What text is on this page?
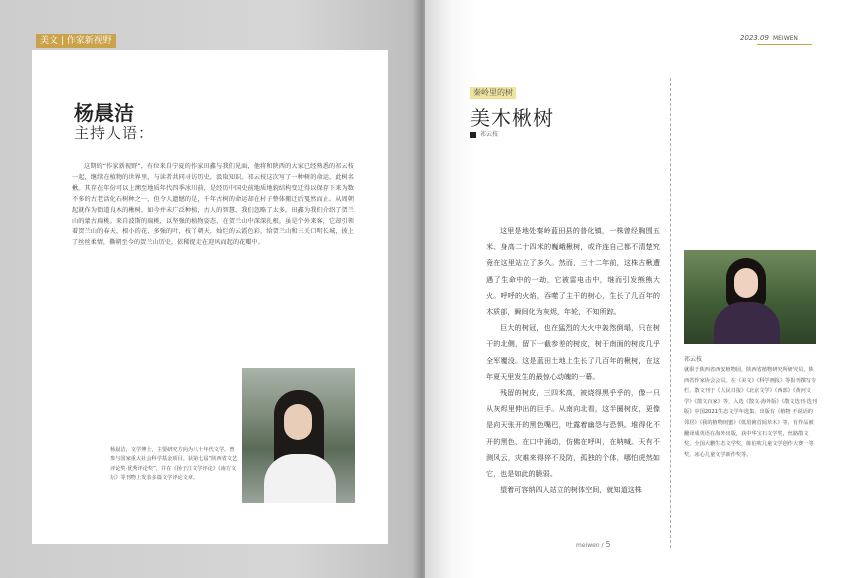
美文 | 作家新视野
杨晨洁
主持人语：
这期的“作家新视野”，有位来自宁夏的作家田鑫与我们见面，他将和陕西的大家已经熟悉的祁云枝一起，继续在植物的世界里，与读者共同寻访历史，汲取知识。祁云枝这次写了一种树的命运，此树名楸。其存在年份可以上溯至地质年代四季冰川前，是经历中国史前地质地貌结构变迁得以保存下来为数不多的古老活化石树种之一，但令人遗憾的是，千年古树的命运却在村子整体搬迁后戛然而止。从周朝起就作为街道良木的楸树，如今并未广泛种植，古人的智慧，我们忽略了太多。田鑫为我们介绍了贺兰山的蒙古扁桃。来自波斯的扁桃，以坚强的植物姿态，在贺兰山中深深扎根。虽是个外来客，它却引领着贺兰山的春天、根小的花、多强的叶，枝丫朝天，灿烂的云霞色彩，给贺兰山和三关口明长城，披上了丝丝柔情，撕朝至今的贺兰山历史，依稀捉走在迎风而起的花瓣中。
杨晨洁，文学博士，主要研究方向为八十年代文学。曾参与国家重大社会科学基金项目。获第七届“陕西省文艺评论奖·优秀评论奖”，并在《扬子江文学评论》《南方文坛》等刊物上发表多篇文学评论文章。
2023.09 MEIWEN
秦岭里的树
美木楸树
祁云枝

这里是地处秦岭蓝田县的普化镇，一株曾经胸围五米、身高二十四米的巍峨楸树，或许连自己都不清楚究竟在这里站立了多久。然而，三十二年前，这株古楸遭遇了生命中的一劫，它被雷电击中，继而引发熊熊大火。呼呼的火焰，吞噬了主干的树心，生长了几百年的木质部，瞬间化为灰烬，年轮，不知所踪。

巨大的树冠，也在猛烈的大火中轰然倒塌，只在树干的北侧，留下一截参差的树皮，树干南面的树皮几乎全军覆没。这是蓝田土地上生长了几百年的楸树，在这年夏天里发生的最惊心动魄的一幕。

残留的树皮，三四米高，被烧得黑乎乎的，像一只从灰烬里伸出的巨手。从南向北看，这半圈树皮，更像是向天张开的黑色嘴巴，吐露着幽怨与恐惧。堆得化不开的黑色，在口中涌动，仿佛在呼叫，在呐喊。天有不测风云，灾难来得猝不及防，孤独的个体，哪怕虎然如它，也是如此的脆弱。

望着可容纳四人站立的树体空间，就知道这株

祁云枝
就职于陕西省西安植物园，陕西省植物研究所研究员，陕西省作家协会会员。在《美文》《科学画报》等报刊撰写专栏，散文刊于《人民日报》《北京文学》《西部》《黄河文学》《散文百家》等，入选《散文·海外版》《散文选刊·选刊版》中国2021生态文学年选集，出版有《植物 不说话的邻居》《我的植物闺蜜》《低眉俯首阅草木》等，有作品被翻译成英语在海外出版，获中华宝石文学奖，丝路散文奖，全国大鹏生态文学奖，陈伯吹儿童文学创作大赛一等奖，冰心儿童文学新作奖等。
meiwen / 5
